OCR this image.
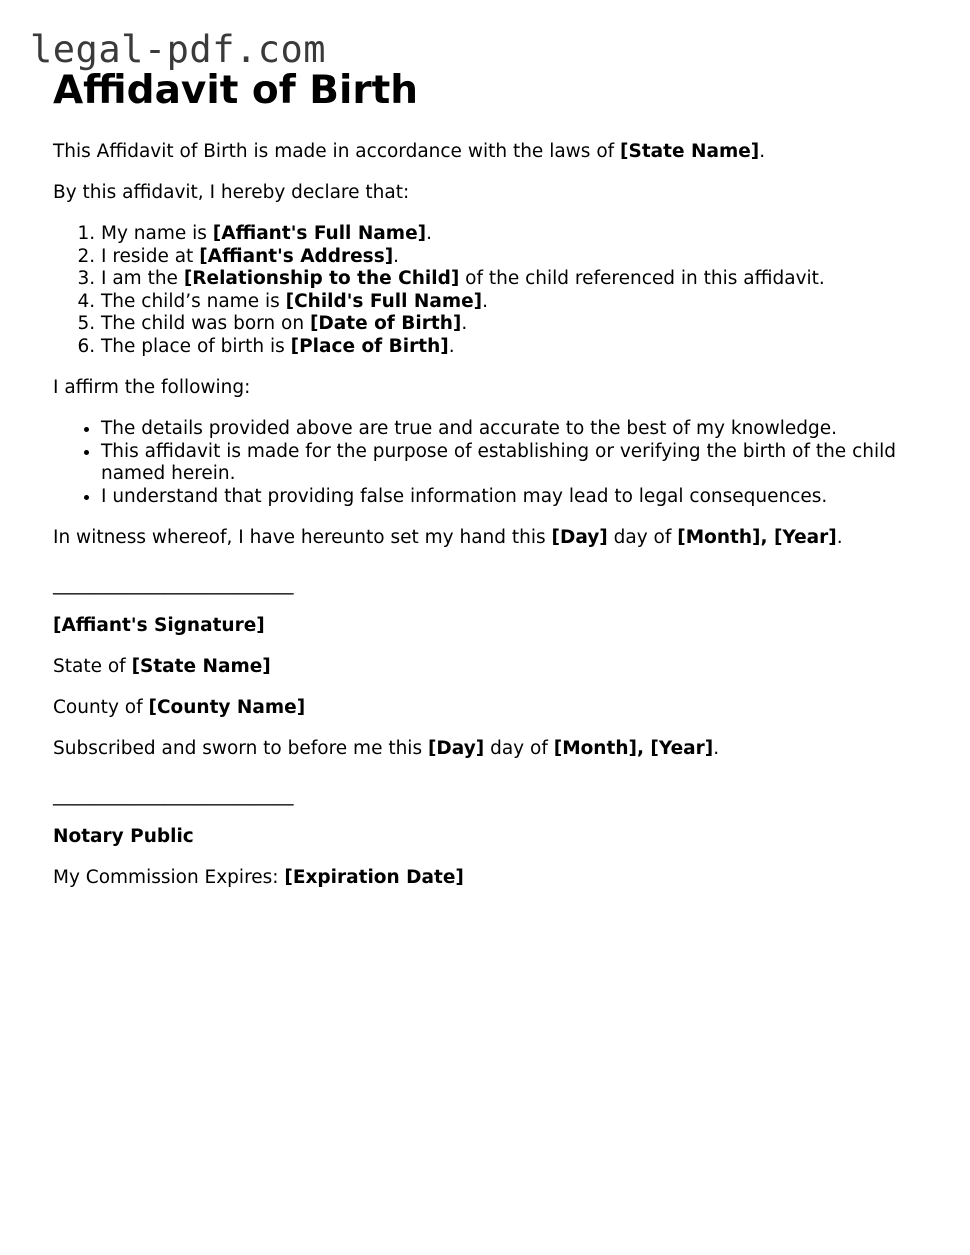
legal-pdf.com
Affidavit of Birth

This Affidavit of Birth is made in accordance with the laws of [State Name].

By this affidavit, I hereby declare that:

1. My name is [Affiant's Full Name].
2. I reside at [Affiant's Address].
3. I am the [Relationship to the Child] of the child referenced in this affidavit.
4. The child’s name is [Child's Full Name].
5. The child was born on [Date of Birth].
6. The place of birth is [Place of Birth].

I affirm the following:

• The details provided above are true and accurate to the best of my knowledge.
• This affidavit is made for the purpose of establishing or verifying the birth of the child named herein.
• I understand that providing false information may lead to legal consequences.

In witness whereof, I have hereunto set my hand this [Day] day of [Month], [Year].

__________________________

[Affiant's Signature]

State of [State Name]

County of [County Name]

Subscribed and sworn to before me this [Day] day of [Month], [Year].

__________________________

Notary Public

My Commission Expires: [Expiration Date]
